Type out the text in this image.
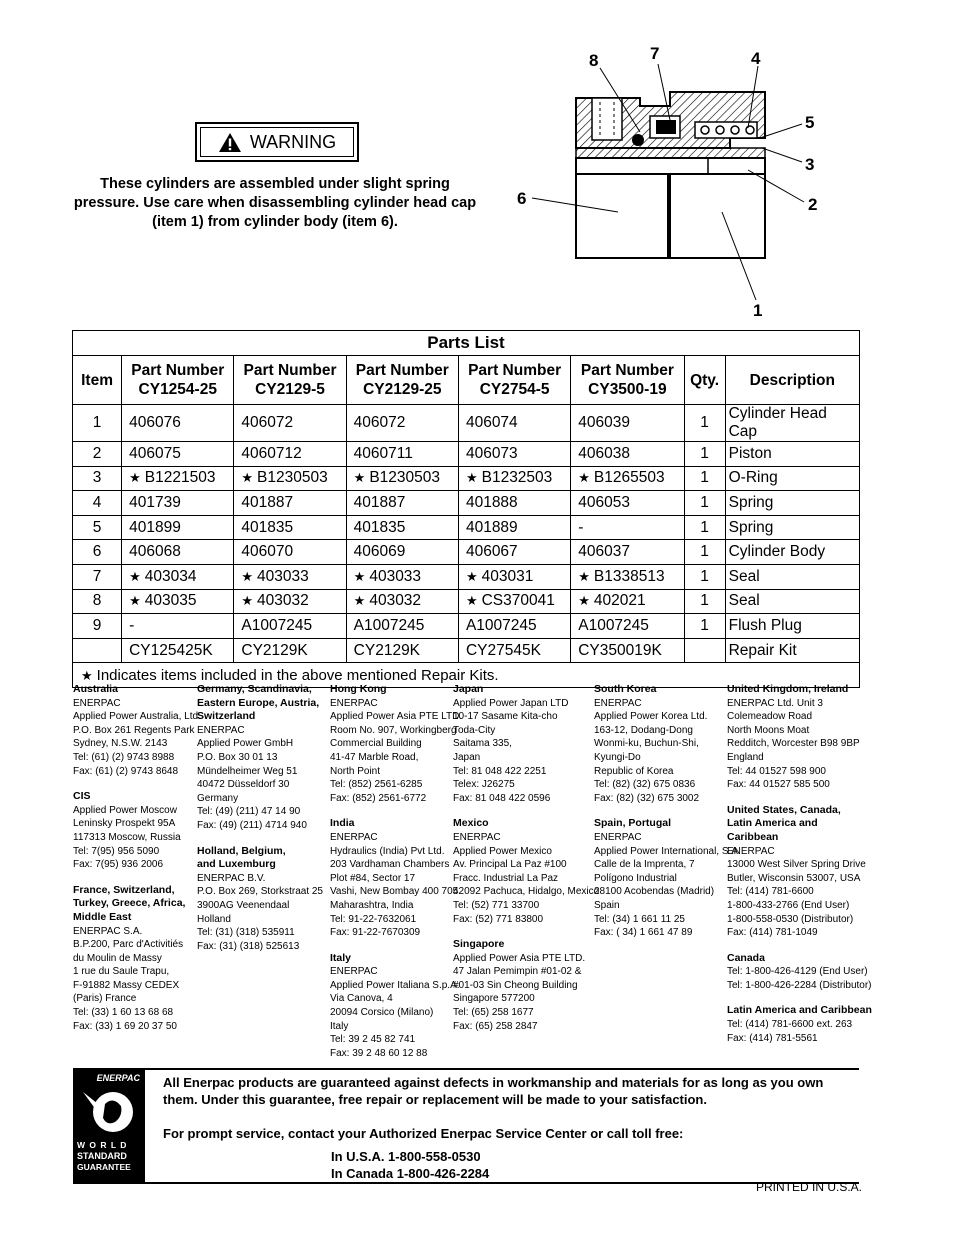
WARNING
These cylinders are assembled under slight spring pressure. Use care when disassembling cylinder head cap (item 1) from cylinder body (item 6).
8	7	4
5
3
2
6
1
Parts List							
Item	Part Number CY1254-25	Part Number CY2129-5	Part Number CY2129-25	Part Number CY2754-5	Part Number CY3500-19	Qty.	Description
1	406076	406072	406072	406074	406039	1	Cylinder Head Cap
2	406075	4060712	4060711	406073	406038	1	Piston
3	★ B1221503	★ B1230503	★ B1230503	★ B1232503	★ B1265503	1	O-Ring
4	401739	401887	401887	401888	406053	1	Spring
5	401899	401835	401835	401889	-	1	Spring
6	406068	406070	406069	406067	406037	1	Cylinder Body
7	★ 403034	★ 403033	★ 403033	★ 403031	★ B1338513	1	Seal
8	★ 403035	★ 403032	★ 403032	★ CS370041	★ 402021	1	Seal
9	-	A1007245	A1007245	A1007245	A1007245	1	Flush Plug
	CY125425K	CY2129K	CY2129K	CY27545K	CY350019K		Repair Kit
★ Indicates items included in the above mentioned Repair Kits.							
Australia
ENERPAC
Applied Power Australia, Ltd.
P.O. Box 261 Regents Park
Sydney, N.S.W. 2143
Tel: (61) (2) 9743 8988
Fax: (61) (2) 9743 8648
CIS
Applied Power Moscow
Leninsky Prospekt 95A
117313 Moscow, Russia
Tel: 7(95) 956 5090
Fax: 7(95) 936 2006
France, Switzerland,
Turkey, Greece, Africa,
Middle East
ENERPAC S.A.
B.P.200, Parc d'Activitiés
du Moulin de Massy
1 rue du Saule Trapu,
F-91882 Massy CEDEX
(Paris) France
Tel: (33) 1 60 13 68 68
Fax: (33) 1 69 20 37 50
Germany, Scandinavia,
Eastern Europe, Austria,
Switzerland
ENERPAC
Applied Power GmbH
P.O. Box 30 01 13
Mündelheimer Weg 51
40472 Düsseldorf 30
Germany
Tel: (49) (211) 47 14 90
Fax: (49) (211) 4714 940
Holland, Belgium,
and Luxemburg
ENERPAC B.V.
P.O. Box 269, Storkstraat 25
3900AG Veenendaal
Holland
Tel: (31) (318) 535911
Fax: (31) (318) 525613
Hong Kong
ENERPAC
Applied Power Asia PTE LTD.
Room No. 907, Workingberg
Commercial Building
41-47 Marble Road,
North Point
Tel: (852) 2561-6285
Fax: (852) 2561-6772
India
ENERPAC
Hydraulics (India) Pvt Ltd.
203 Vardhaman Chambers
Plot #84, Sector 17
Vashi, New Bombay 400 705
Maharashtra, India
Tel: 91-22-7632061
Fax: 91-22-7670309
Italy
ENERPAC
Applied Power Italiana S.p.A.
Via Canova, 4
20094 Corsico (Milano)
Italy
Tel: 39 2 45 82 741
Fax: 39 2 48 60 12 88
Japan
Applied Power Japan LTD
10-17 Sasame Kita-cho
Toda-City
Saitama 335,
Japan
Tel: 81 048 422 2251
Telex: J26275
Fax: 81 048 422 0596
Mexico
ENERPAC
Applied Power Mexico
Av. Principal La Paz #100
Fracc. Industrial La Paz
42092 Pachuca, Hidalgo, Mexico
Tel: (52) 771 33700
Fax: (52) 771 83800
Singapore
Applied Power Asia PTE LTD.
47 Jalan Pemimpin #01-02 &
#01-03 Sin Cheong Building
Singapore 577200
Tel: (65) 258 1677
Fax: (65) 258 2847
South Korea
ENERPAC
Applied Power Korea Ltd.
163-12, Dodang-Dong
Wonmi-ku, Buchun-Shi,
Kyungi-Do
Republic of Korea
Tel: (82) (32) 675 0836
Fax: (82) (32) 675 3002
Spain, Portugal
ENERPAC
Applied Power International, S.A.
Calle de la Imprenta, 7
Polígono Industrial
28100 Acobendas (Madrid)
Spain
Tel: (34) 1 661 11 25
Fax: ( 34) 1 661 47 89
United Kingdom, Ireland
ENERPAC Ltd. Unit 3
Colemeadow Road
North Moons Moat
Redditch, Worcester B98 9BP
England
Tel: 44 01527 598 900
Fax: 44 01527 585 500
United States, Canada,
Latin America and
Caribbean
ENERPAC
13000 West Silver Spring Drive
Butler, Wisconsin 53007, USA
Tel: (414) 781-6600
1-800-433-2766 (End User)
1-800-558-0530 (Distributor)
Fax: (414) 781-1049
Canada
Tel: 1-800-426-4129 (End User)
Tel: 1-800-426-2284 (Distributor)
Latin America and Caribbean
Tel: (414) 781-6600 ext. 263
Fax: (414) 781-5561
ENERPAC
W O R L D
STANDARD
GUARANTEE
All Enerpac products are guaranteed against defects in workmanship and materials for as long as you own them. Under this guarantee, free repair or replacement will be made to your satisfaction.
For prompt service, contact your Authorized Enerpac Service Center or call toll free:
In U.S.A. 1-800-558-0530
In Canada 1-800-426-2284
PRINTED IN U.S.A.
